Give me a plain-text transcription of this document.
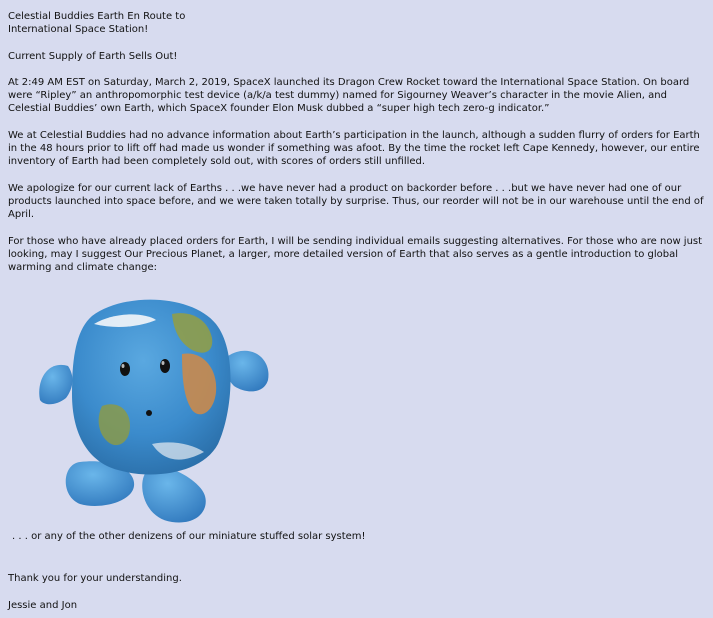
Celestial Buddies Earth En Route to
International Space Station!

Current Supply of Earth Sells Out!

At 2:49 AM EST on Saturday, March 2, 2019, SpaceX launched its Dragon Crew Rocket toward the International Space Station. On board were “Ripley” an anthropomorphic test device (a/k/a test dummy) named for Sigourney Weaver’s character in the movie Alien, and Celestial Buddies’ own Earth, which SpaceX founder Elon Musk dubbed a “super high tech zero-g indicator.”

We at Celestial Buddies had no advance information about Earth’s participation in the launch, although a sudden flurry of orders for Earth in the 48 hours prior to lift off had made us wonder if something was afoot. By the time the rocket left Cape Kennedy, however, our entire inventory of Earth had been completely sold out, with scores of orders still unfilled.

We apologize for our current lack of Earths . . .we have never had a product on backorder before . . .but we have never had one of our products launched into space before, and we were taken totally by surprise. Thus, our reorder will not be in our warehouse until the end of April.

For those who have already placed orders for Earth, I will be sending individual emails suggesting alternatives. For those who are now just looking, may I suggest Our Precious Planet, a larger, more detailed version of Earth that also serves as a gentle introduction to global warming and climate change:

. . . or any of the other denizens of our miniature stuffed solar system!

Thank you for your understanding.

Jessie and Jon
